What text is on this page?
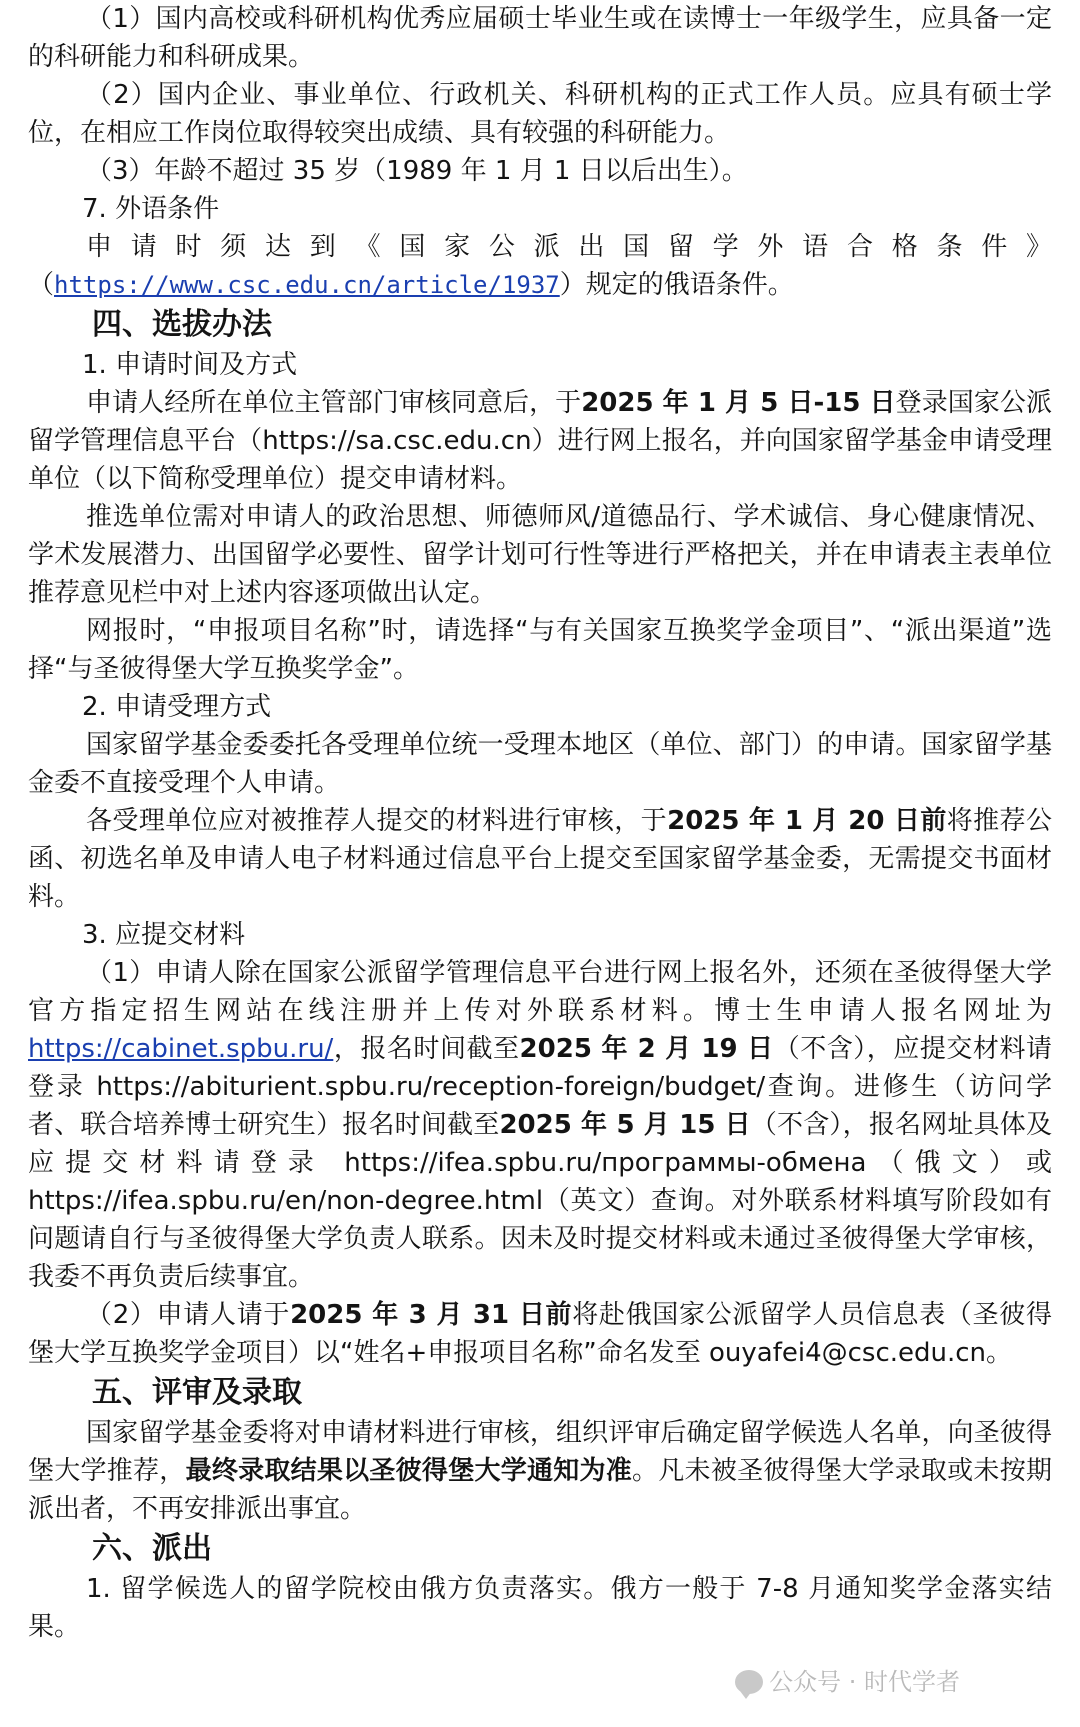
（1）国内高校或科研机构优秀应届硕士毕业生或在读博士一年级学生，应具备一定的科研能力和科研成果。

（2）国内企业、事业单位、行政机关、科研机构的正式工作人员。应具有硕士学位，在相应工作岗位取得较突出成绩、具有较强的科研能力。

（3）年龄不超过 35 岁（1989 年 1 月 1 日以后出生）。

7. 外语条件

申 请 时 须 达 到 《 国 家 公 派 出 国 留 学 外 语 合 格 条 件 》

（https://www.csc.edu.cn/article/1937）规定的俄语条件。

四、选拔办法

1. 申请时间及方式

申请人经所在单位主管部门审核同意后，于2025 年 1 月 5 日-15 日登录国家公派留学管理信息平台（https://sa.csc.edu.cn）进行网上报名，并向国家留学基金申请受理单位（以下简称受理单位）提交申请材料。

推选单位需对申请人的政治思想、师德师风/道德品行、学术诚信、身心健康情况、学术发展潜力、出国留学必要性、留学计划可行性等进行严格把关，并在申请表主表单位推荐意见栏中对上述内容逐项做出认定。

网报时，“申报项目名称”时，请选择“与有关国家互换奖学金项目”、“派出渠道”选择“与圣彼得堡大学互换奖学金”。

2. 申请受理方式

国家留学基金委委托各受理单位统一受理本地区（单位、部门）的申请。国家留学基金委不直接受理个人申请。

各受理单位应对被推荐人提交的材料进行审核，于2025 年 1 月 20 日前将推荐公函、初选名单及申请人电子材料通过信息平台上提交至国家留学基金委，无需提交书面材料。

3. 应提交材料

（1）申请人除在国家公派留学管理信息平台进行网上报名外，还须在圣彼得堡大学官方指定招生网站在线注册并上传对外联系材料。博士生申请人报名网址为https://cabinet.spbu.ru/，报名时间截至2025 年 2 月 19 日（不含），应提交材料请登录 https://abiturient.spbu.ru/reception-foreign/budget/查询。进修生（访问学者、联合培养博士研究生）报名时间截至2025 年 5 月 15 日（不含），报名网址具体及应提交材料请登录 https://ifea.spbu.ru/программы-обмена（俄文）或 https://ifea.spbu.ru/en/non-degree.html（英文）查询。对外联系材料填写阶段如有问题请自行与圣彼得堡大学负责人联系。因未及时提交材料或未通过圣彼得堡大学审核，我委不再负责后续事宜。

（2）申请人请于2025 年 3 月 31 日前将赴俄国家公派留学人员信息表（圣彼得堡大学互换奖学金项目）以“姓名+申报项目名称”命名发至 ouyafei4@csc.edu.cn。

五、评审及录取

国家留学基金委将对申请材料进行审核，组织评审后确定留学候选人名单，向圣彼得堡大学推荐，最终录取结果以圣彼得堡大学通知为准。凡未被圣彼得堡大学录取或未按期派出者，不再安排派出事宜。

六、派出

1. 留学候选人的留学院校由俄方负责落实。俄方一般于 7-8 月通知奖学金落实结果。

公众号 · 时代学者
